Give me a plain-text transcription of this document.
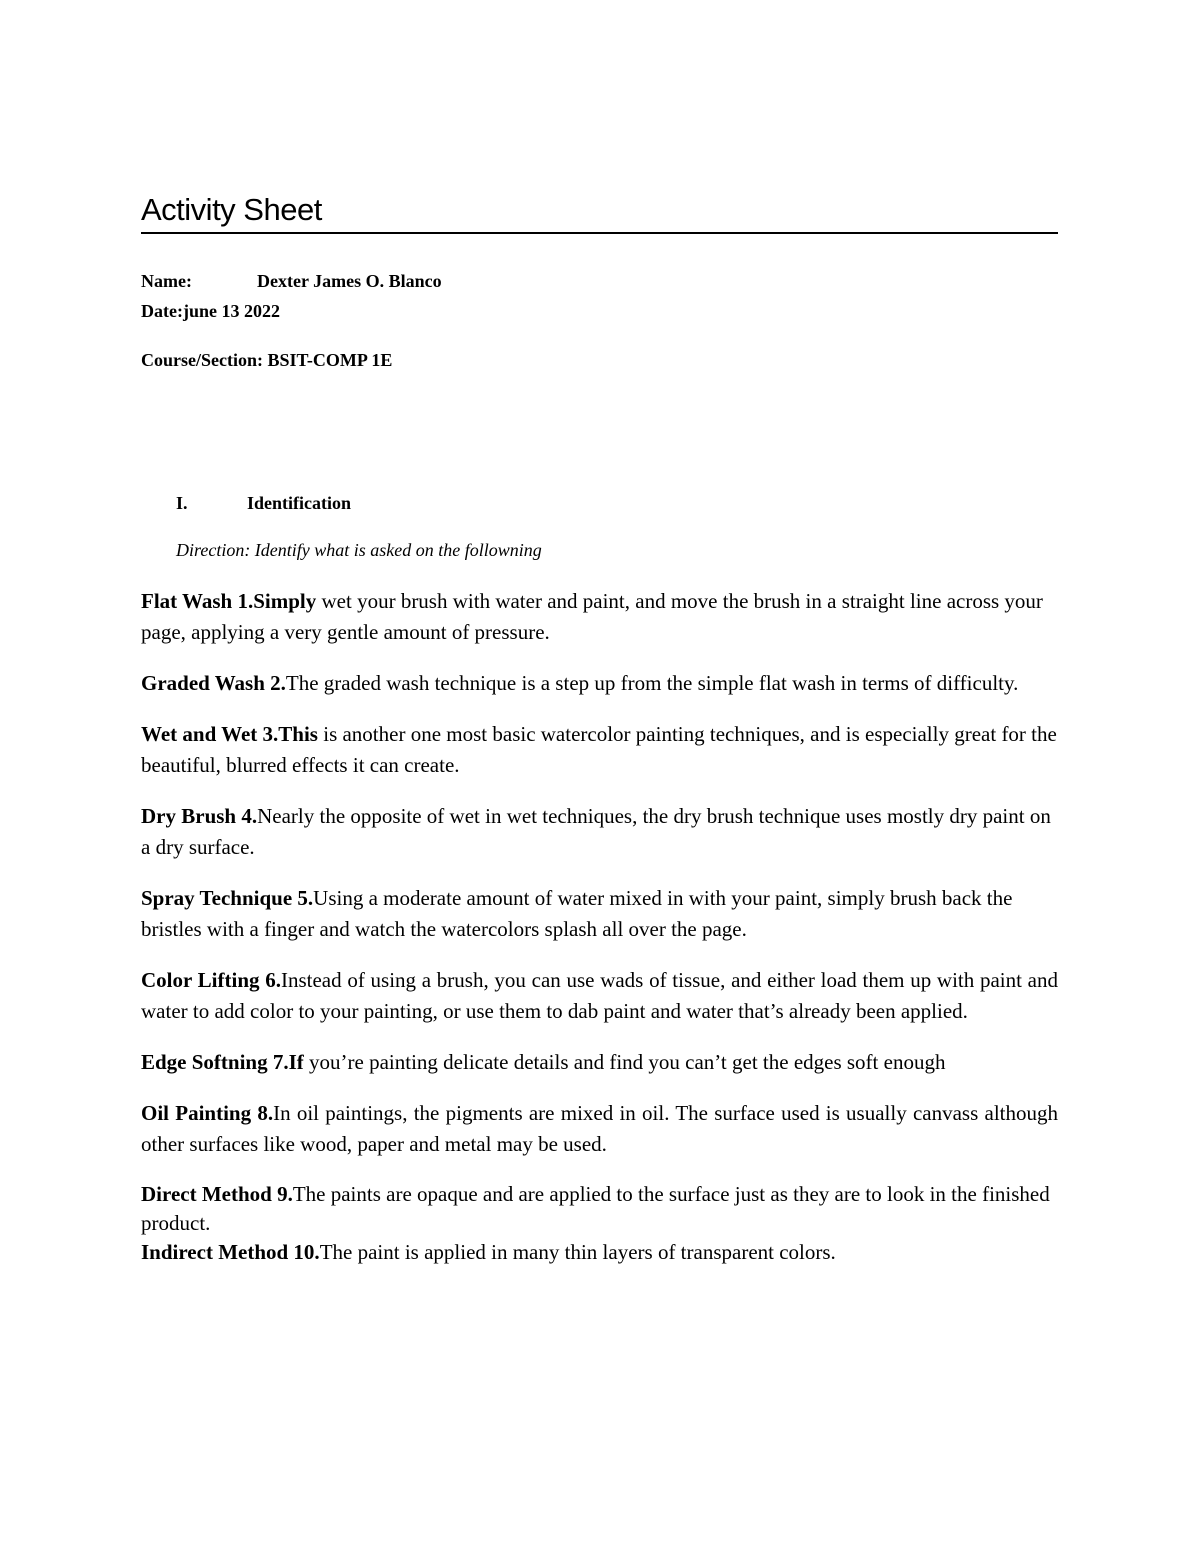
Activity Sheet
Name:	Dexter James O. Blanco
Date:june 13 2022
Course/Section: BSIT-COMP 1E
I.	Identification
Direction: Identify what is asked on the followning

Flat Wash 1.Simply wet your brush with water and paint, and move the brush in a straight line across your page, applying a very gentle amount of pressure.

Graded Wash 2.The graded wash technique is a step up from the simple flat wash in terms of difficulty.

Wet and Wet 3.This is another one most basic watercolor painting techniques, and is especially great for the beautiful, blurred effects it can create.

Dry Brush 4.Nearly the opposite of wet in wet techniques, the dry brush technique uses mostly dry paint on a dry surface.

Spray Technique 5.Using a moderate amount of water mixed in with your paint, simply brush back the bristles with a finger and watch the watercolors splash all over the page.

Color Lifting 6.Instead of using a brush, you can use wads of tissue, and either load them up with paint and water to add color to your painting, or use them to dab paint and water that’s already been applied.

Edge Softning 7.If you’re painting delicate details and find you can’t get the edges soft enough

Oil Painting 8.In oil paintings, the pigments are mixed in oil. The surface used is usually canvass although other surfaces like wood, paper and metal may be used.

Direct Method 9.The paints are opaque and are applied to the surface just as they are to look in the finished product.

Indirect Method 10.The paint is applied in many thin layers of transparent colors.
